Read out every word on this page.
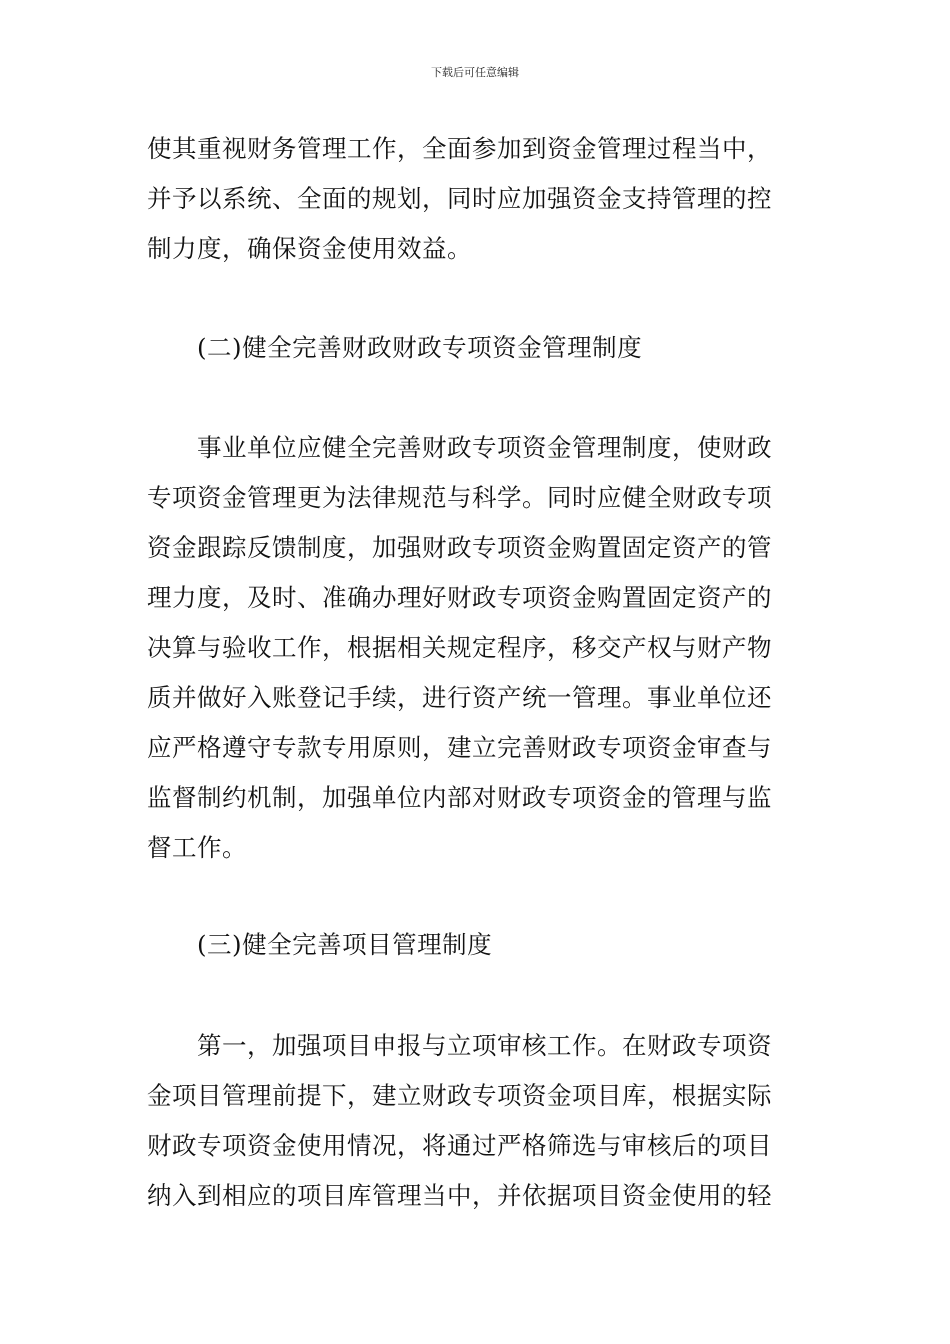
下载后可任意编辑
使其重视财务管理工作，全面参加到资金管理过程当中，
并予以系统、全面的规划，同时应加强资金支持管理的控
制力度，确保资金使用效益。
(二)健全完善财政财政专项资金管理制度
事业单位应健全完善财政专项资金管理制度，使财政
专项资金管理更为法律规范与科学。同时应健全财政专项
资金跟踪反馈制度，加强财政专项资金购置固定资产的管
理力度，及时、准确办理好财政专项资金购置固定资产的
决算与验收工作，根据相关规定程序，移交产权与财产物
质并做好入账登记手续，进行资产统一管理。事业单位还
应严格遵守专款专用原则，建立完善财政专项资金审查与
监督制约机制，加强单位内部对财政专项资金的管理与监
督工作。
(三)健全完善项目管理制度
第一，加强项目申报与立项审核工作。在财政专项资
金项目管理前提下，建立财政专项资金项目库，根据实际
财政专项资金使用情况，将通过严格筛选与审核后的项目
纳入到相应的项目库管理当中，并依据项目资金使用的轻
